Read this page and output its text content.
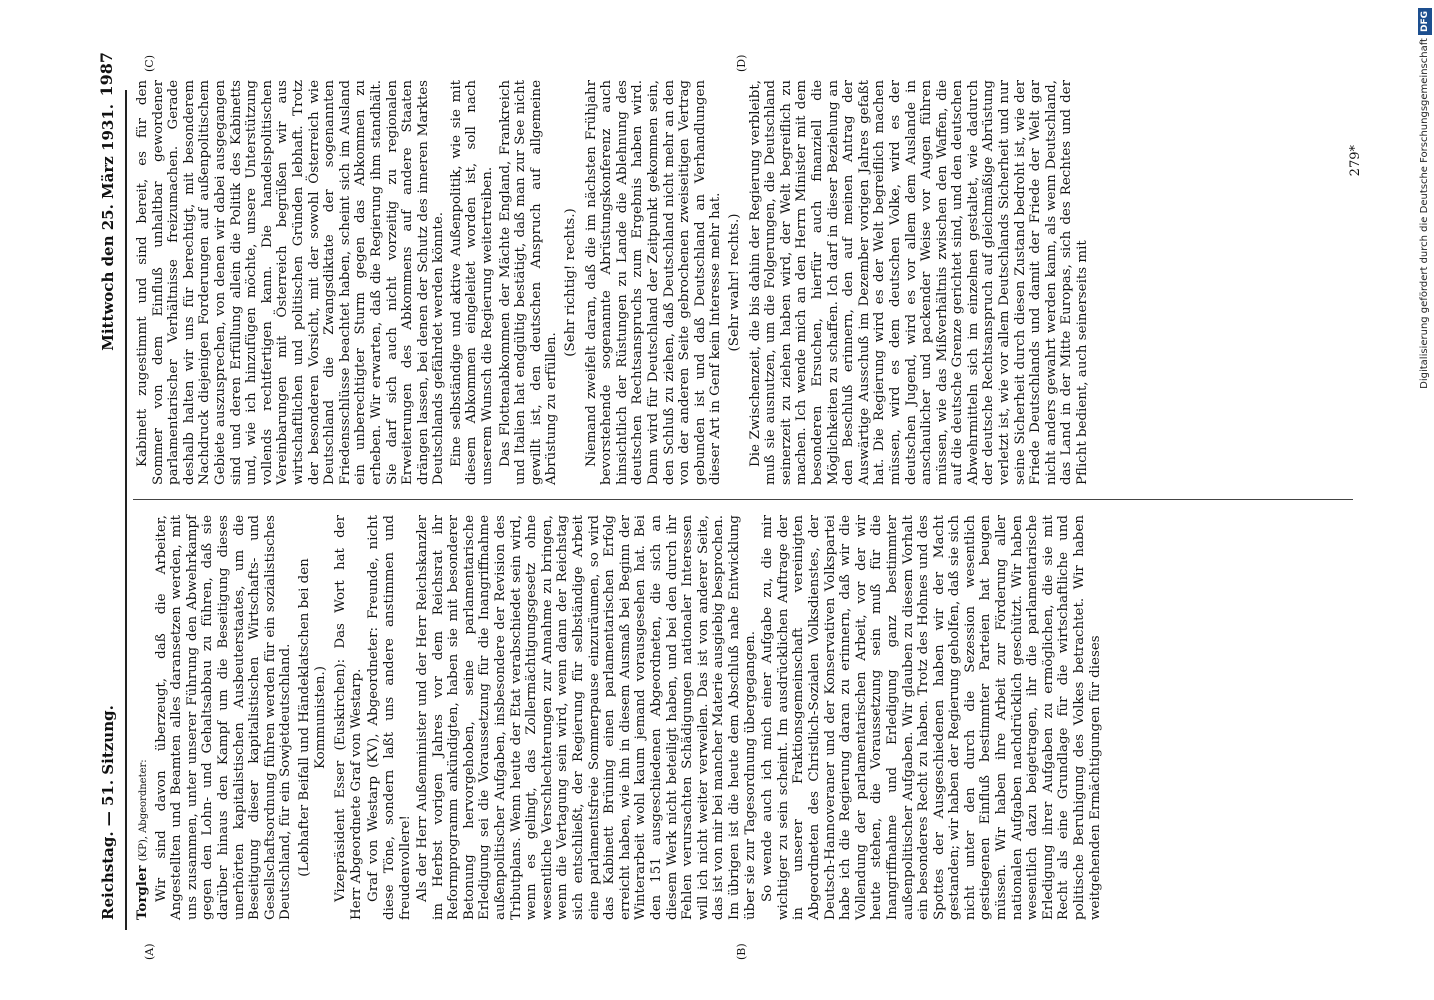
Reichstag. — 51. Sitzung.
Mittwoch den 25. März 1931.
1987
(A)	(B)
(C)	(D)

Torgler (KP), Abgeordneter: Wir sind davon überzeugt, daß die Arbeiter, Angestellten und Beamten alles daransetzen werden, mit uns zusammen, unter unserer Führung den Abwehrkampf gegen den Lohn- und Gehaltsabbau zu führen, daß sie darüber hinaus den Kampf um die Beseitigung dieses unerhörten kapitalistischen Ausbeuterstaates, um die Beseitigung dieser kapitalistischen Wirtschafts- und Gesellschaftsordnung führen werden für ein sozialistisches Deutschland, für ein Sowjetdeutschland. (Lebhafter Beifall und Händeklatschen bei den Kommunisten.) Vizepräsident Esser (Euskirchen): Das Wort hat der Herr Abgeordnete Graf von Westarp. Graf von Westarp (KV), Abgeordneter: Freunde, nicht diese Töne, sondern laßt uns andere anstimmen und freudenvollere! Als der Herr Außenminister und der Herr Reichskanzler im Herbst vorigen Jahres vor dem Reichsrat ihr Reformprogramm ankündigten, haben sie mit besonderer Betonung hervorgehoben, seine parlamentarische Erledigung sei die Voraussetzung für die Inangriffnahme außenpolitischer Aufgaben, insbesondere der Revision des Tributplans. Wenn heute der Etat verabschiedet sein wird, wenn es gelingt, das Zollermächtigungsgesetz ohne wesentliche Verschlechterungen zur Annahme zu bringen, wenn die Vertagung sein wird, wenn dann der Reichstag sich entschließt, der Regierung für selbständige Arbeit eine parlamentsfreie Sommerpause einzuräumen, so wird das Kabinett Brüning einen parlamentarischen Erfolg erreicht haben, wie ihn in diesem Ausmaß bei Beginn der Winterarbeit wohl kaum jemand vorausgesehen hat. Bei den 151 ausgeschiedenen Abgeordneten, die sich an diesem Werk nicht beteiligt haben, und bei den durch ihr Fehlen verursachten Schädigungen nationaler Interessen will ich nicht weiter verweilen. Das ist von anderer Seite, das ist von mir bei mancher Materie ausgiebig besprochen. Im übrigen ist die heute dem Abschluß nahe Entwicklung über sie zur Tagesordnung übergegangen. So wende auch ich mich einer Aufgabe zu, die mir wichtiger zu sein scheint. Im ausdrücklichen Auftrage der in unserer Fraktionsgemeinschaft vereinigten Abgeordneten des Christlich-Sozialen Volksdienstes, der Deutsch-Hannoveraner und der Konservativen Volkspartei habe ich die Regierung daran zu erinnern, daß wir die Vollendung der parlamentarischen Arbeit, vor der wir heute stehen, die Voraussetzung sein muß für die Inangriffnahme und Erledigung ganz bestimmter außenpolitischer Aufgaben. Wir glauben zu diesem Vorhalt ein besonderes Recht zu haben. Trotz des Hohnes und des Spottes der Ausgeschiedenen haben wir der Macht gestanden; wir haben der Regierung geholfen, daß sie sich nicht unter den durch die Sezession wesentlich gestiegenen Einfluß bestimmter Parteien hat beugen müssen. Wir haben ihre Arbeit zur Förderung aller nationalen Aufgaben nachdrücklich geschützt. Wir haben wesentlich dazu beigetragen, ihr die parlamentarische Erledigung ihrer Aufgaben zu ermöglichen, die sie mit Recht als eine Grundlage für die wirtschaftliche und politische Beruhigung des Volkes betrachtet. Wir haben weitgehenden Ermächtigungen für dieses

Kabinett zugestimmt und sind bereit, es für den Sommer von dem Einfluß unhaltbar gewordener parlamentarischer Verhältnisse freizumachen. Gerade deshalb halten wir uns für berechtigt, mit besonderem Nachdruck diejenigen Forderungen auf außenpolitischem Gebiete auszusprechen, von denen wir dabei ausgegangen sind und deren Erfüllung allein die Politik des Kabinetts und, wie ich hinzufügen möchte, unsere Unterstützung vollends rechtfertigen kann. Die handelspolitischen Vereinbarungen mit Österreich begrüßen wir aus wirtschaftlichen und politischen Gründen lebhaft. Trotz der besonderen Vorsicht, mit der sowohl Österreich wie Deutschland die Zwangsdiktate der sogenannten Friedensschlüsse beachtet haben, scheint sich im Ausland ein unberechtigter Sturm gegen das Abkommen zu erheben. Wir erwarten, daß die Regierung ihm standhält. Sie darf sich auch nicht vorzeitig zu regionalen Erweiterungen des Abkommens auf andere Staaten drängen lassen, bei denen der Schutz des inneren Marktes Deutschlands gefährdet werden könnte. Eine selbständige und aktive Außenpolitik, wie sie mit diesem Abkommen eingeleitet worden ist, soll nach unserem Wunsch die Regierung weitertreiben. Das Flottenabkommen der Mächte England, Frankreich und Italien hat endgültig bestätigt, daß man zur See nicht gewillt ist, den deutschen Anspruch auf allgemeine Abrüstung zu erfüllen.

(Sehr richtig! rechts.) Niemand zweifelt daran, daß die im nächsten Frühjahr bevorstehende sogenannte Abrüstungskonferenz auch hinsichtlich der Rüstungen zu Lande die Ablehnung des deutschen Rechtsanspruchs zum Ergebnis haben wird. Dann wird für Deutschland der Zeitpunkt gekommen sein, den Schluß zu ziehen, daß Deutschland nicht mehr an den von der anderen Seite gebrochenen zweiseitigen Vertrag gebunden ist und daß Deutschland an Verhandlungen dieser Art in Genf kein Interesse mehr hat. (Sehr wahr! rechts.) Die Zwischenzeit, die bis dahin der Regierung verbleibt, muß sie ausnutzen, um die Folgerungen, die Deutschland seinerzeit zu ziehen haben wird, der Welt begreiflich zu machen. Ich wende mich an den Herrn Minister mit dem besonderen Ersuchen, hierfür auch finanziell die Möglichkeiten zu schaffen. Ich darf in dieser Beziehung an den Beschluß erinnern, den auf meinen Antrag der Auswärtige Ausschuß im Dezember vorigen Jahres gefaßt hat. Die Regierung wird es der Welt begreiflich machen müssen, wird es dem deutschen Volke, wird es der deutschen Jugend, wird es vor allem dem Auslande in anschaulicher und packender Weise vor Augen führen müssen, wie das Mißverhältnis zwischen den Waffen, die auf die deutsche Grenze gerichtet sind, und den deutschen Abwehrmitteln sich im einzelnen gestaltet, wie dadurch der deutsche Rechtsanspruch auf gleichmäßige Abrüstung verletzt ist, wie vor allem Deutschlands Sicherheit und nur seine Sicherheit durch diesen Zustand bedroht ist, wie der Friede Deutschlands und damit der Friede der Welt gar nicht anders gewahrt werden kann, als wenn Deutschland, das Land in der Mitte Europas, sich des Rechtes und der Pflicht bedient, auch seinerseits mit

279*	Digitalisierung gefördert durch die Deutsche ForschungsgemeinschaftDFG
